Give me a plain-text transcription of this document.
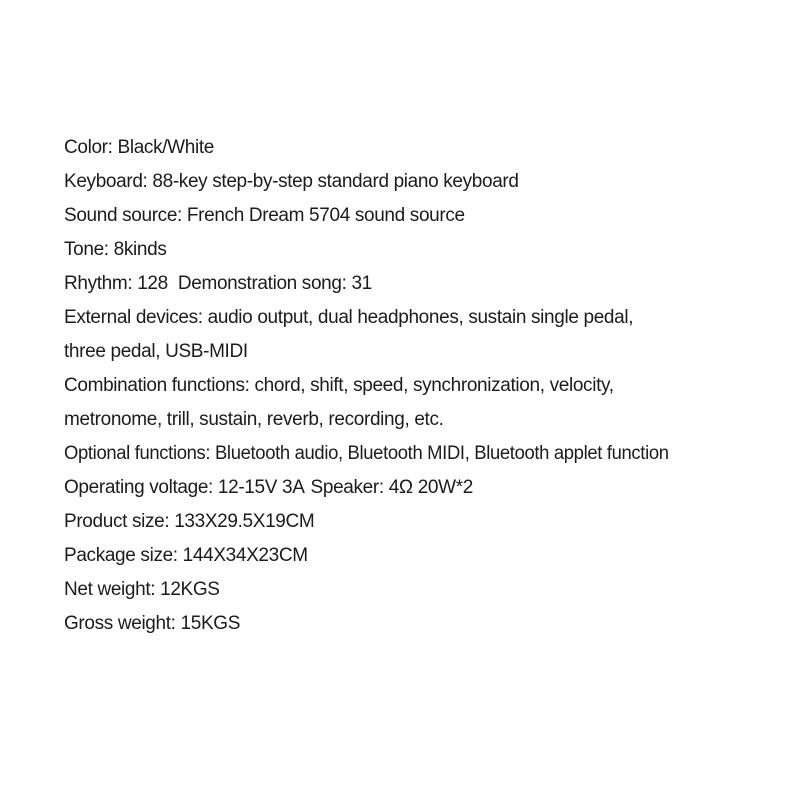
Color: Black/White
Keyboard: 88-key step-by-step standard piano keyboard
Sound source: French Dream 5704 sound source
Tone: 8kinds
Rhythm: 128 Demonstration song: 31
External devices: audio output, dual headphones, sustain single pedal,
three pedal, USB-MIDI
Combination functions: chord, shift, speed, synchronization, velocity,
metronome, trill, sustain, reverb, recording, etc.
Optional functions: Bluetooth audio, Bluetooth MIDI, Bluetooth applet function
Operating voltage: 12-15V 3A Speaker: 4Ω 20W*2
Product size: 133X29.5X19CM
Package size: 144X34X23CM
Net weight: 12KGS
Gross weight: 15KGS
